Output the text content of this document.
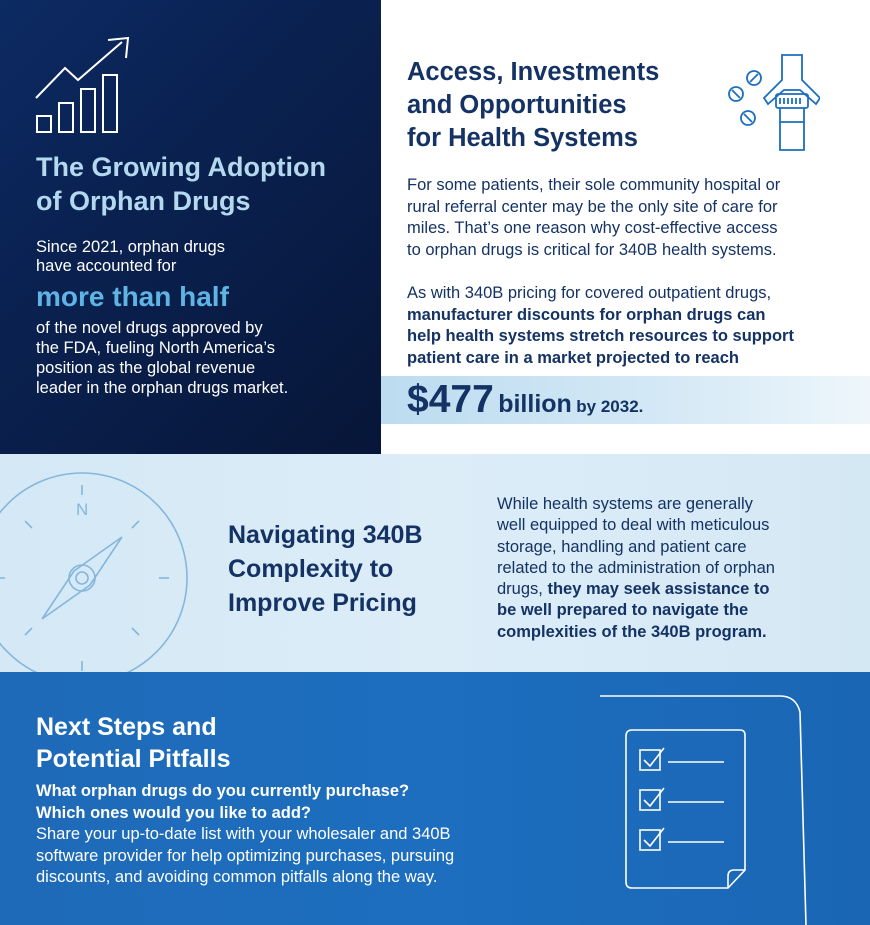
The Growing Adoption
of Orphan Drugs

Since 2021, orphan drugs
have accounted for

more than half

of the novel drugs approved by
the FDA, fueling North America’s
position as the global revenue
leader in the orphan drugs market.

Access, Investments
and Opportunities
for Health Systems

For some patients, their sole community hospital or
rural referral center may be the only site of care for
miles. That’s one reason why cost-effective access
to orphan drugs is critical for 340B health systems.

As with 340B pricing for covered outpatient drugs,
manufacturer discounts for orphan drugs can
help health systems stretch resources to support
patient care in a market projected to reach

$477 billion by 2032.
N
Navigating 340B
Complexity to
Improve Pricing

While health systems are generally
well equipped to deal with meticulous
storage, handling and patient care
related to the administration of orphan
drugs, they may seek assistance to
be well prepared to navigate the
complexities of the 340B program.

Next Steps and
Potential Pitfalls

What orphan drugs do you currently purchase?
Which ones would you like to add?

Share your up-to-date list with your wholesaler and 340B
software provider for help optimizing purchases, pursuing
discounts, and avoiding common pitfalls along the way.
